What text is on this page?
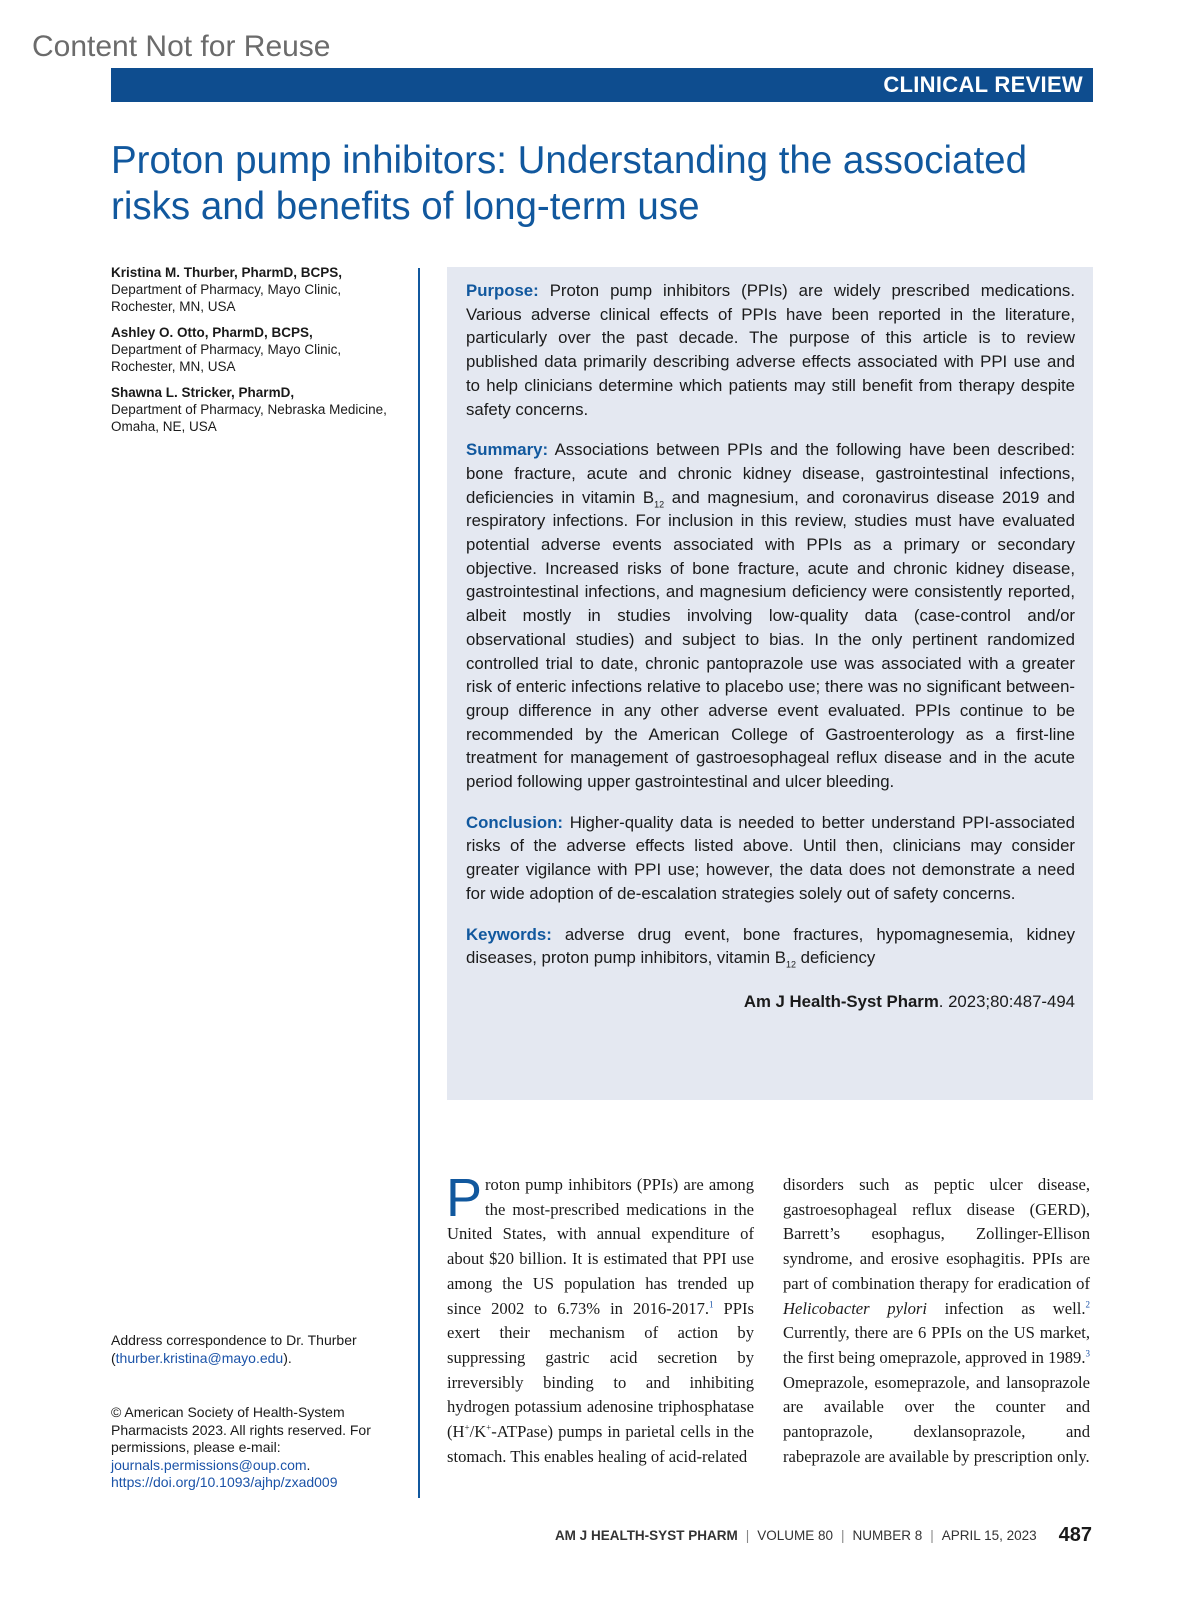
Content Not for Reuse
CLINICAL REVIEW
Proton pump inhibitors: Understanding the associated risks and benefits of long-term use
Kristina M. Thurber, PharmD, BCPS,
Department of Pharmacy, Mayo Clinic, Rochester, MN, USA
Ashley O. Otto, PharmD, BCPS,
Department of Pharmacy, Mayo Clinic, Rochester, MN, USA
Shawna L. Stricker, PharmD,
Department of Pharmacy, Nebraska Medicine, Omaha, NE, USA

Purpose: Proton pump inhibitors (PPIs) are widely prescribed medications. Various adverse clinical effects of PPIs have been reported in the literature, particularly over the past decade. The purpose of this article is to review published data primarily describing adverse effects associated with PPI use and to help clinicians determine which patients may still benefit from therapy despite safety concerns.

Summary: Associations between PPIs and the following have been described: bone fracture, acute and chronic kidney disease, gastrointestinal infections, deficiencies in vitamin $B_{12}$ and magnesium, and coronavirus disease 2019 and respiratory infections. For inclusion in this review, studies must have evaluated potential adverse events associated with PPIs as a primary or secondary objective. Increased risks of bone fracture, acute and chronic kidney disease, gastrointestinal infections, and magnesium deficiency were consistently reported, albeit mostly in studies involving low-quality data (case-control and/or observational studies) and subject to bias. In the only pertinent randomized controlled trial to date, chronic pantoprazole use was associated with a greater risk of enteric infections relative to placebo use; there was no significant between-group difference in any other adverse event evaluated. PPIs continue to be recommended by the American College of Gastroenterology as a first-line treatment for management of gastroesophageal reflux disease and in the acute period following upper gastrointestinal and ulcer bleeding.

Conclusion: Higher-quality data is needed to better understand PPI-associated risks of the adverse effects listed above. Until then, clinicians may consider greater vigilance with PPI use; however, the data does not demonstrate a need for wide adoption of de-escalation strategies solely out of safety concerns.

Keywords: adverse drug event, bone fractures, hypomagnesemia, kidney diseases, proton pump inhibitors, vitamin $B_{12}$ deficiency

Am J Health-Syst Pharm. 2023;80:487-494
Address correspondence to Dr. Thurber (thurber.kristina@mayo.edu).
© American Society of Health-System Pharmacists 2023. All rights reserved. For permissions, please e-mail: journals.permissions@oup.com.
https://doi.org/10.1093/ajhp/zxad009

Proton pump inhibitors (PPIs) are among the most-prescribed medications in the United States, with annual expenditure of about $20 billion. It is estimated that PPI use among the US population has trended up since 2002 to 6.73% in 2016-2017.$^1$ PPIs exert their mechanism of action by suppressing gastric acid secretion by irreversibly binding to and inhibiting hydrogen potassium adenosine triphosphatase (H+/K+-ATPase) pumps in parietal cells in the stomach. This enables healing of acid-related

disorders such as peptic ulcer disease, gastroesophageal reflux disease (GERD), Barrett’s esophagus, Zollinger-Ellison syndrome, and erosive esophagitis. PPIs are part of combination therapy for eradication of Helicobacter pylori infection as well.$^2$ Currently, there are 6 PPIs on the US market, the first being omeprazole, approved in 1989.$^3$ Omeprazole, esomeprazole, and lansoprazole are available over the counter and pantoprazole, dexlansoprazole, and rabeprazole are available by prescription only.

AM J HEALTH-SYST PHARM | VOLUME 80 | NUMBER 8 | APRIL 15, 2023 487
